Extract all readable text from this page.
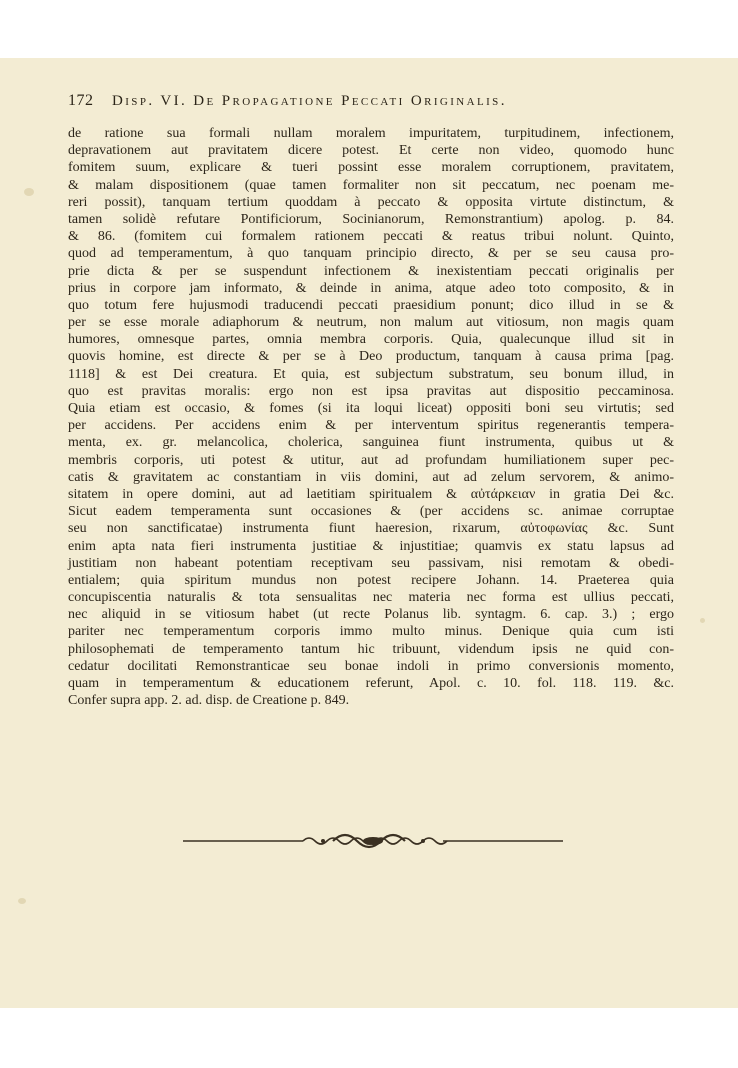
172 Disp. VI. De Propagatione Peccati Originalis.
de ratione sua formali nullam moralem impuritatem, turpitudinem, infectionem,
depravationem aut pravitatem dicere potest. Et certe non video, quomodo hunc
fomitem suum, explicare & tueri possint esse moralem corruptionem, pravitatem,
& malam dispositionem (quae tamen formaliter non sit peccatum, nec poenam me-
reri possit), tanquam tertium quoddam à peccato & opposita virtute distinctum, &
tamen solidè refutare Pontificiorum, Socinianorum, Remonstrantium) apolog. p. 84.
& 86. (fomitem cui formalem rationem peccati & reatus tribui nolunt. Quinto,
quod ad temperamentum, à quo tanquam principio directo, & per se seu causa pro-
prie dicta & per se suspendunt infectionem & inexistentiam peccati originalis per
prius in corpore jam informato, & deinde in anima, atque adeo toto composito, & in
quo totum fere hujusmodi traducendi peccati praesidium ponunt; dico illud in se &
per se esse morale adiaphorum & neutrum, non malum aut vitiosum, non magis quam
humores, omnesque partes, omnia membra corporis. Quia, qualecunque illud sit in
quovis homine, est directe & per se à Deo productum, tanquam à causa prima [pag.
1118] & est Dei creatura. Et quia, est subjectum substratum, seu bonum illud, in
quo est pravitas moralis: ergo non est ipsa pravitas aut dispositio peccaminosa.
Quia etiam est occasio, & fomes (si ita loqui liceat) oppositi boni seu virtutis; sed
per accidens. Per accidens enim & per interventum spiritus regenerantis tempera-
menta, ex. gr. melancolica, cholerica, sanguinea fiunt instrumenta, quibus ut &
membris corporis, uti potest & utitur, aut ad profundam humiliationem super pec-
catis & gravitatem ac constantiam in viis domini, aut ad zelum servorem, & animo-
sitatem in opere domini, aut ad laetitiam spiritualem & αὐτάρκειαν in gratia Dei &c.
Sicut eadem temperamenta sunt occasiones & (per accidens sc. animae corruptae
seu non sanctificatae) instrumenta fiunt haeresion, rixarum, αὐτοφωνίας &c. Sunt
enim apta nata fieri instrumenta justitiae & injustitiae; quamvis ex statu lapsus ad
justitiam non habeant potentiam receptivam seu passivam, nisi remotam & obedi-
entialem; quia spiritum mundus non potest recipere Johann. 14. Praeterea quia
concupiscentia naturalis & tota sensualitas nec materia nec forma est ullius peccati,
nec aliquid in se vitiosum habet (ut recte Polanus lib. syntagm. 6. cap. 3.) ; ergo
pariter nec temperamentum corporis immo multo minus. Denique quia cum isti
philosophemati de temperamento tantum hic tribuunt, videndum ipsis ne quid con-
cedatur docilitati Remonstranticae seu bonae indoli in primo conversionis momento,
quam in temperamentum & educationem referunt, Apol. c. 10. fol. 118. 119. &c.
Confer supra app. 2. ad. disp. de Creatione p. 849.
